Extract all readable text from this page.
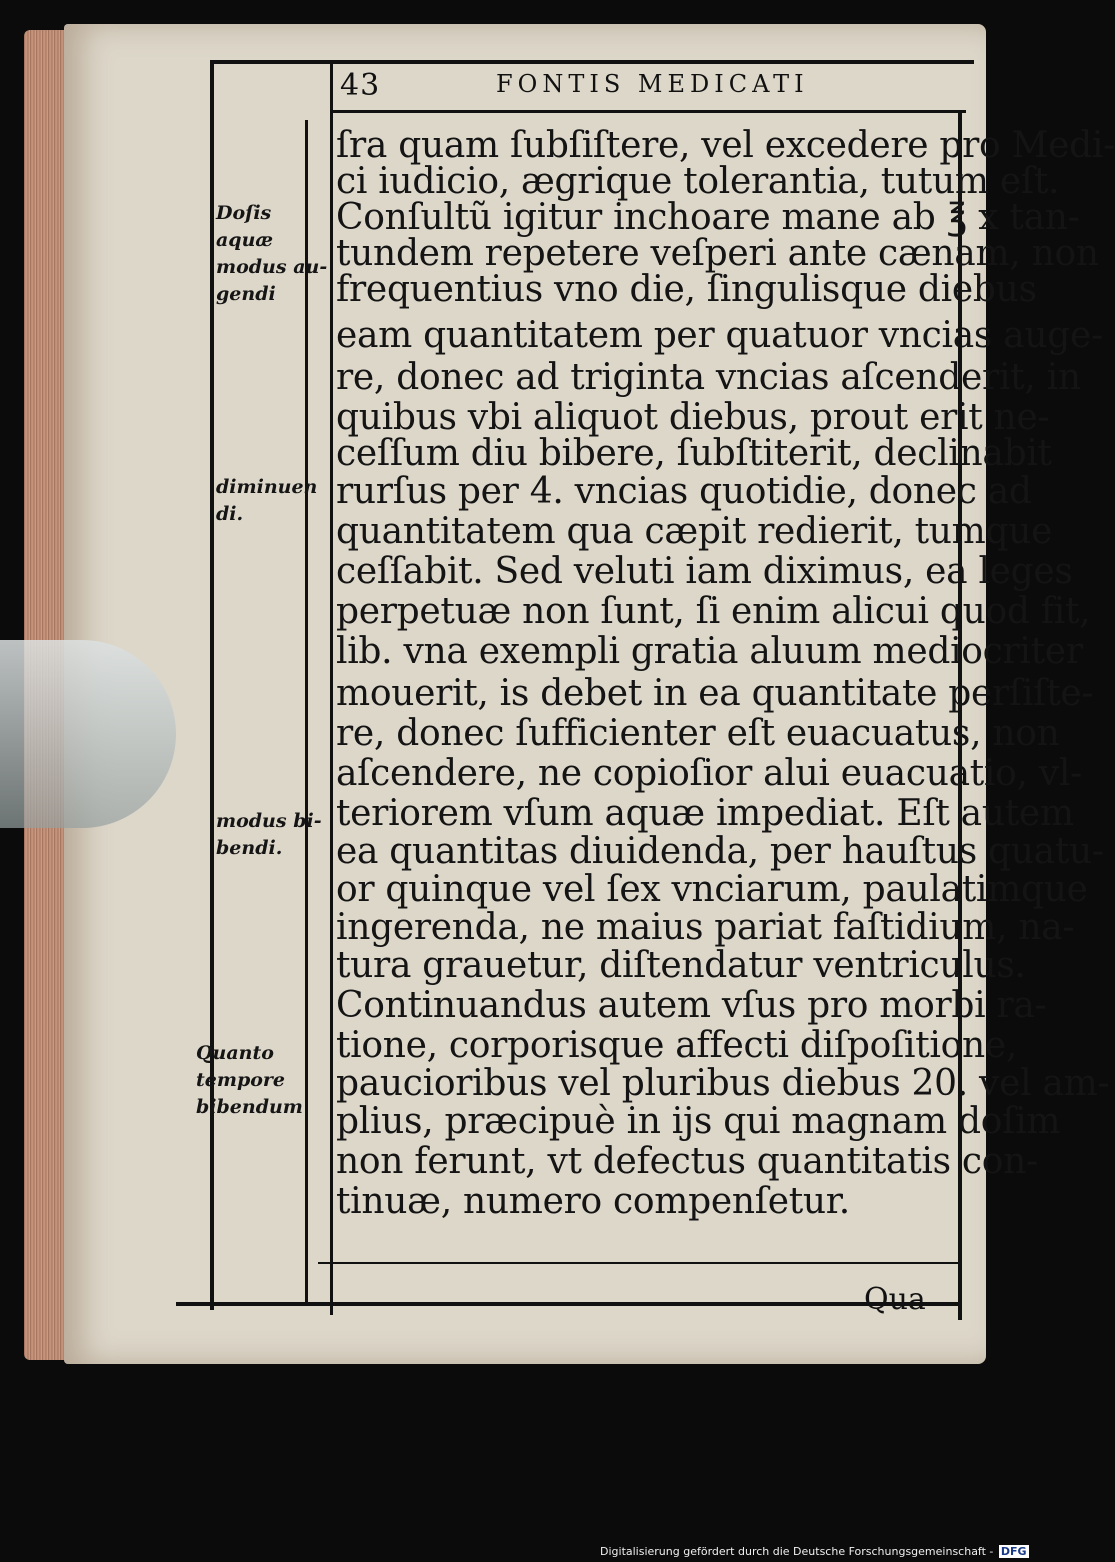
43	FONTIS MEDICATI
ſra quam ſubſiſtere, vel excedere pro Medi-
ci iudicio, ægrique tolerantia, tutum eſt.
Conſultũ igitur inchoare mane ab ℥ x tan-
tundem repetere veſperi ante cænam, non
frequentius vno die, ſingulisque diebus
eam quantitatem per quatuor vncias auge-
re, donec ad triginta vncias aſcenderit, in
quibus vbi aliquot diebus, prout erit ne-
ceſſum diu bibere, ſubſtiterit, declinabit
rurſus per 4. vncias quotidie, donec ad
quantitatem qua cæpit redierit, tumque
ceſſabit. Sed veluti iam diximus, ea leges
perpetuæ non ſunt, ſi enim alicui quod fit,
lib. vna exempli gratia aluum mediocriter
mouerit, is debet in ea quantitate perſiſte-
re, donec ſufficienter eſt euacuatus, non
aſcendere, ne copioſior alui euacuatio, vl-
teriorem vſum aquæ impediat. Eſt autem
ea quantitas diuidenda, per hauſtus quatu-
or quinque vel ſex vnciarum, paulatimque
ingerenda, ne maius pariat faſtidium, na-
tura grauetur, diſtendatur ventriculus.
Continuandus autem vſus pro morbi ra-
tione, corporisque affecti diſpoſitione,
paucioribus vel pluribus diebus 20. vel am-
plius, præcipuè in ijs qui magnam doſim
non ferunt, vt defectus quantitatis con-
tinuæ, numero compenſetur.
Doſis
aquæ
modus au-
gendi
diminuen
di.
modus bi-
bendi.
Quanto
tempore
bibendum
Qua
Digitalisierung gefördert durch die Deutsche Forschungsgemeinschaft - DFG
